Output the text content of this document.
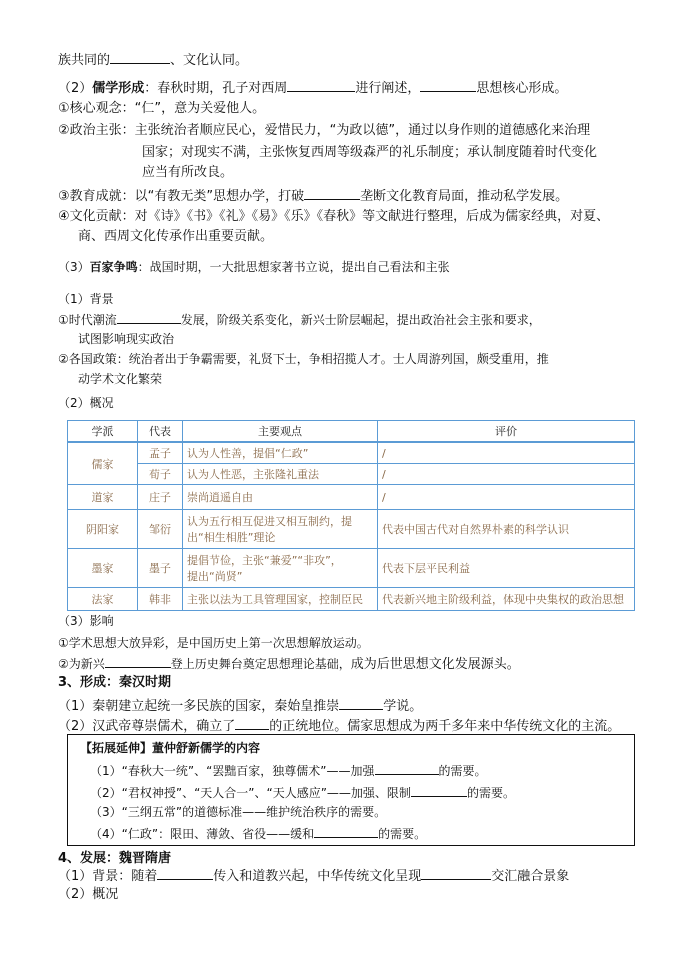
族共同的	、文化认同。
（2）儒学形成：春秋时期，孔子对西周	进行阐述，	思想核心形成。
①核心观念：“仁”，意为关爱他人。
②政治主张：主张统治者顺应民心，爱惜民力，“为政以德”，通过以身作则的道德感化来治理
国家；对现实不满，主张恢复西周等级森严的礼乐制度；承认制度随着时代变化
应当有所改良。
③教育成就：以“有教无类”思想办学，打破	垄断文化教育局面，推动私学发展。
④文化贡献：对《诗》《书》《礼》《易》《乐》《春秋》等文献进行整理，后成为儒家经典，对夏、
商、西周文化传承作出重要贡献。
（3）百家争鸣：战国时期，一大批思想家著书立说，提出自己看法和主张
（1）背景
①时代潮流	发展，阶级关系变化，新兴士阶层崛起，提出政治社会主张和要求，
试图影响现实政治
②各国政策：统治者出于争霸需要，礼贤下士，争相招揽人才。士人周游列国，颇受重用，推
动学术文化繁荣
（2）概况
学派	代表	主要观点	评价
儒家	孟子	认为人性善，提倡“仁政”	/
	荀子	认为人性恶，主张隆礼重法	/
道家	庄子	崇尚逍遥自由	/
阴阳家	邹衍	认为五行相互促进又相互制约，提
出“相生相胜”理论	代表中国古代对自然界朴素的科学认识
墨家	墨子	提倡节俭，主张“兼爱”“非攻”，
提出“尚贤”	代表下层平民利益
法家	韩非	主张以法为工具管理国家，控制臣民	代表新兴地主阶级利益，体现中央集权的政治思想
（3）影响
①学术思想大放异彩，是中国历史上第一次思想解放运动。
②为新兴	登上历史舞台奠定思想理论基础，成为后世思想文化发展源头。
3、形成：秦汉时期
（1）秦朝建立起统一多民族的国家，秦始皇推崇	学说。
（2）汉武帝尊崇儒术，确立了	的正统地位。儒家思想成为两千多年来中华传统文化的主流。
【拓展延伸】董仲舒新儒学的内容
（1）“春秋大一统”、“罢黜百家，独尊儒术”——加强	的需要。
（2）“君权神授”、“天人合一”、“天人感应”——加强、限制	的需要。
（3）“三纲五常”的道德标准——维护统治秩序的需要。
（4）“仁政”：限田、薄敛、省役——缓和	的需要。
4、发展：魏晋隋唐
（1）背景：随着	传入和道教兴起，中华传统文化呈现	交汇融合景象
（2）概况
